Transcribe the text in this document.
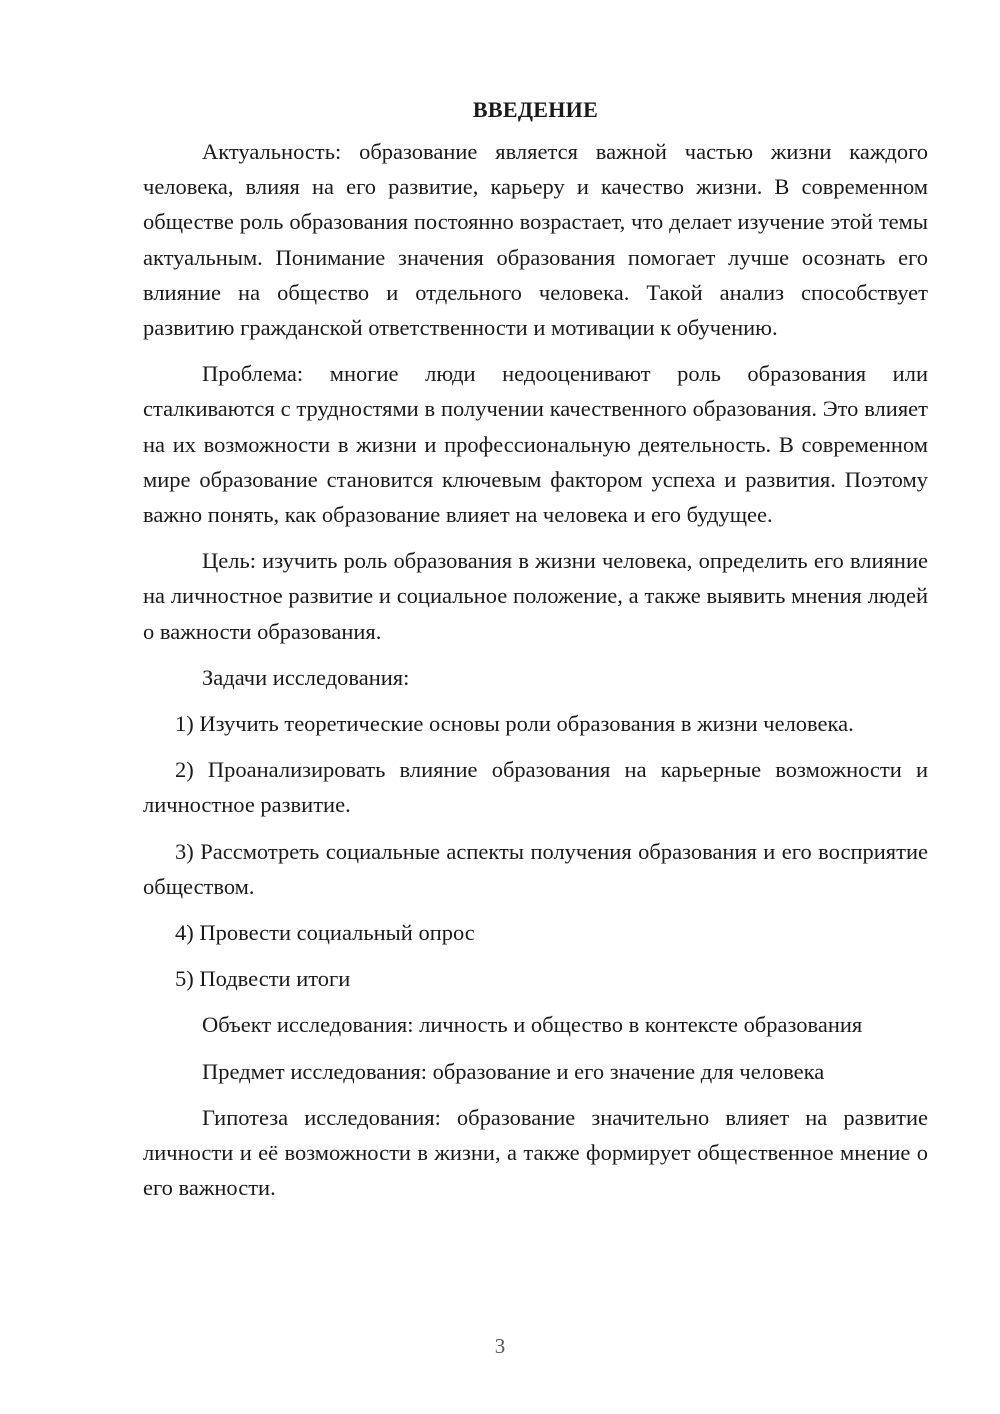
ВВЕДЕНИЕ

Актуальность: образование является важной частью жизни каждого человека, влияя на его развитие, карьеру и качество жизни. В современном обществе роль образования постоянно возрастает, что делает изучение этой темы актуальным. Понимание значения образования помогает лучше осознать его влияние на общество и отдельного человека. Такой анализ способствует развитию гражданской ответственности и мотивации к обучению.

Проблема: многие люди недооценивают роль образования или сталкиваются с трудностями в получении качественного образования. Это влияет на их возможности в жизни и профессиональную деятельность. В современном мире образование становится ключевым фактором успеха и развития. Поэтому важно понять, как образование влияет на человека и его будущее.

Цель: изучить роль образования в жизни человека, определить его влияние на личностное развитие и социальное положение, а также выявить мнения людей о важности образования.

Задачи исследования:

1) Изучить теоретические основы роли образования в жизни человека.

2) Проанализировать влияние образования на карьерные возможности и личностное развитие.

3) Рассмотреть социальные аспекты получения образования и его восприятие обществом.

4) Провести социальный опрос

5) Подвести итоги

Объект исследования: личность и общество в контексте образования

Предмет исследования: образование и его значение для человека

Гипотеза исследования: образование значительно влияет на развитие личности и её возможности в жизни, а также формирует общественное мнение о его важности.

3
